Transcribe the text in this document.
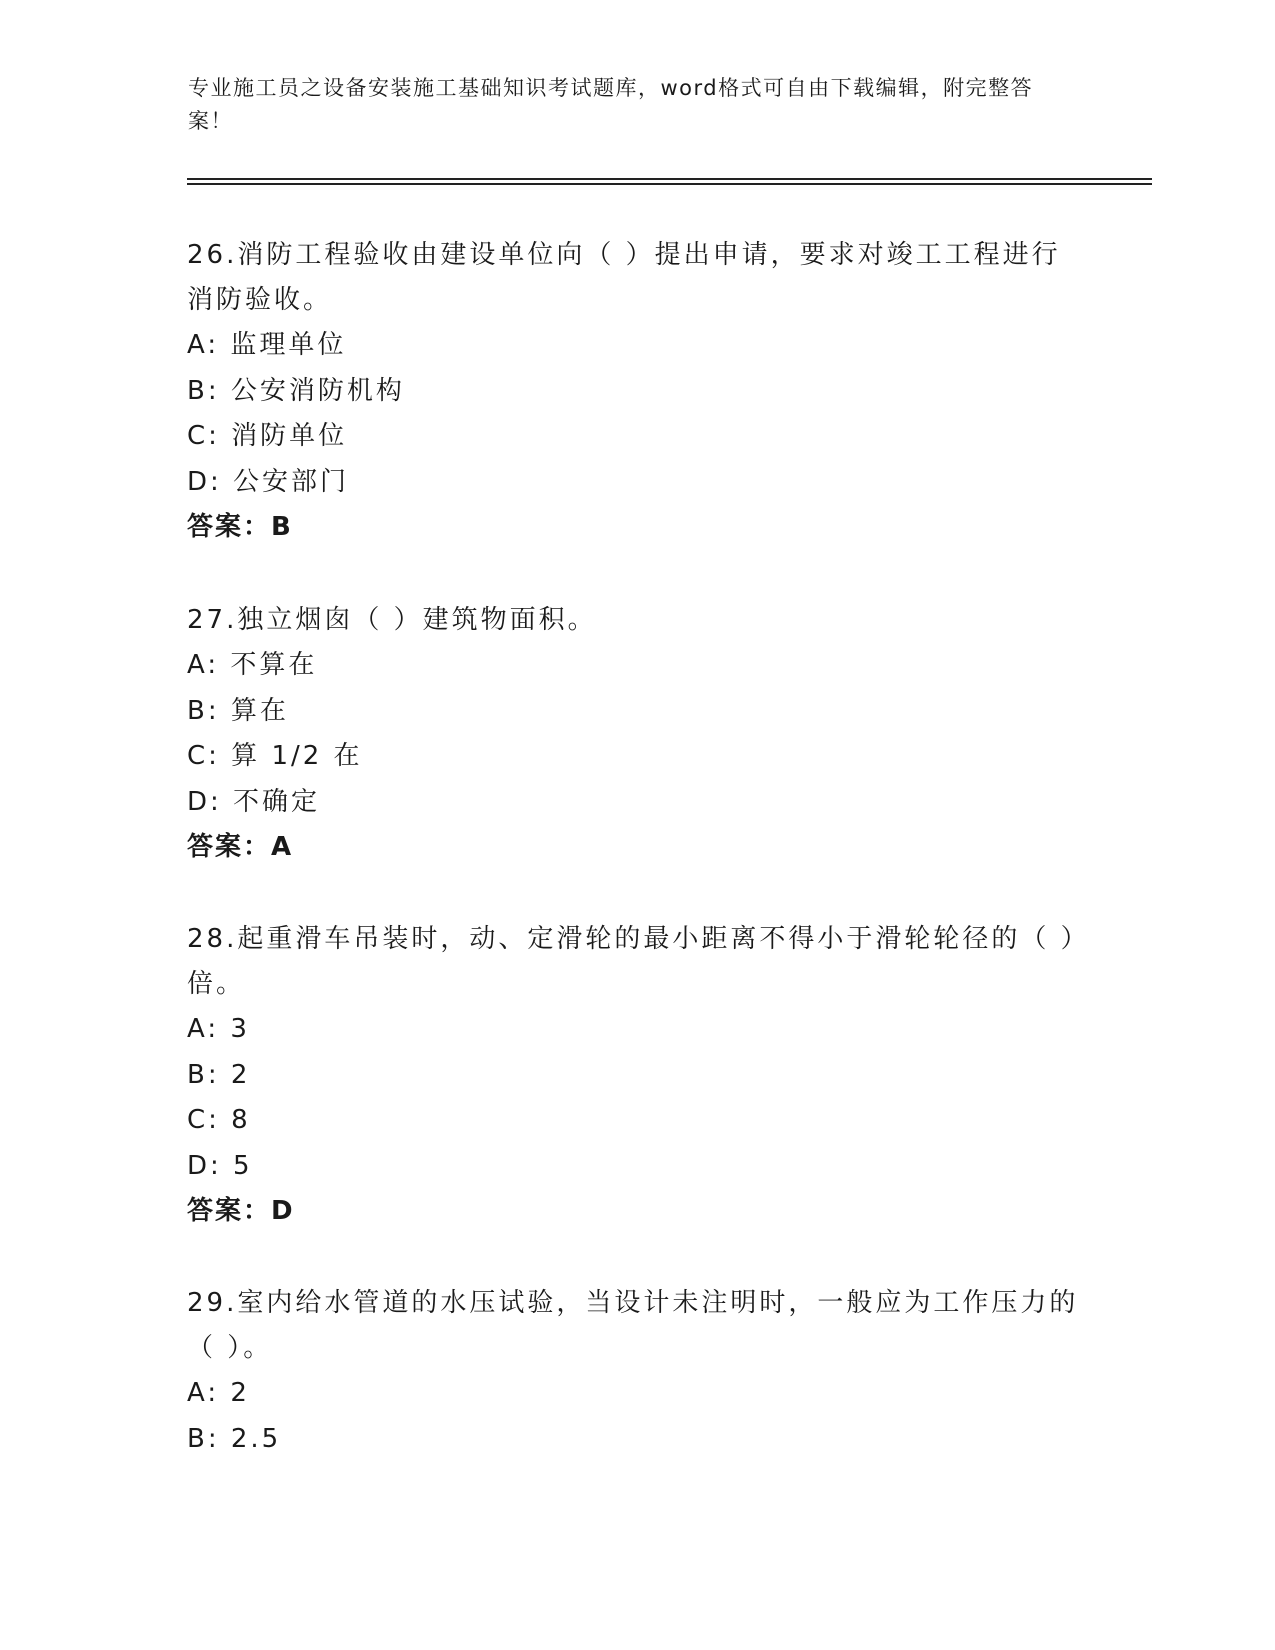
专业施工员之设备安装施工基础知识考试题库，word格式可自由下载编辑，附完整答案！

26.消防工程验收由建设单位向（ ）提出申请，要求对竣工工程进行消防验收。

A: 监理单位
B: 公安消防机构
C: 消防单位
D: 公安部门
答案：B

27.独立烟囱（ ）建筑物面积。

A: 不算在
B: 算在
C: 算 1/2 在
D: 不确定
答案：A

28.起重滑车吊装时，动、定滑轮的最小距离不得小于滑轮轮径的（ ）倍。

A: 3
B: 2
C: 8
D: 5
答案：D

29.室内给水管道的水压试验，当设计未注明时，一般应为工作压力的（ ）。

A: 2
B: 2.5
